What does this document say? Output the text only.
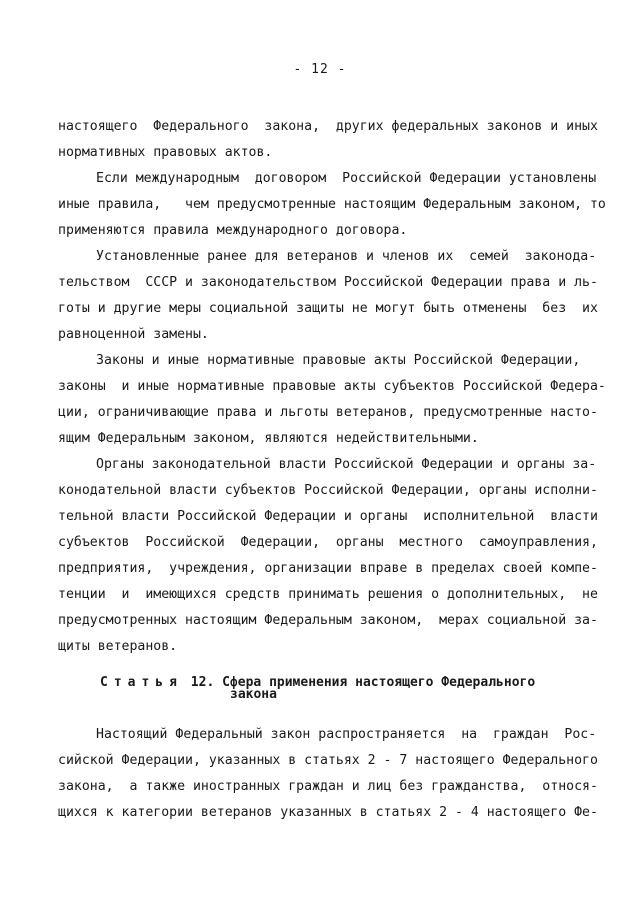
- 12 -
настоящего  Федерального  закона,  других федеральных законов и иных
нормативных правовых актов.
Если международным  договором  Российской Федерации установлены
иные правила,   чем предусмотренные настоящим Федеральным законом, то
применяются правила международного договора.
Установленные ранее для ветеранов и членов их  семей  законода-
тельством  СССР и законодательством Российской Федерации права и ль-
готы и другие меры социальной защиты не могут быть отменены  без  их
равноценной замены.
Законы и иные нормативные правовые акты Российской Федерации,
законы  и иные нормативные правовые акты субъектов Российской Федера-
ции, ограничивающие права и льготы ветеранов, предусмотренные насто-
ящим Федеральным законом, являются недействительными.
Органы законодательной власти Российской Федерации и органы за-
конодательной власти субъектов Российской Федерации, органы исполни-
тельной власти Российской Федерации и органы  исполнительной  власти
субъектов  Российской  Федерации,  органы  местного  самоуправления,
предприятия,  учреждения, организации вправе в пределах своей компе-
тенции  и  имеющихся средств принимать решения о дополнительных,  не
предусмотренных настоящим Федеральным законом,  мерах социальной за-
щиты ветеранов.
Статья 12. Сфера применения настоящего Федерального
закона
Настоящий Федеральный закон распространяется  на  граждан  Рос-
сийской Федерации, указанных в статьях 2 - 7 настоящего Федерального
закона,  а также иностранных граждан и лиц без гражданства,  относя-
щихся к категории ветеранов указанных в статьях 2 - 4 настоящего Фе-
